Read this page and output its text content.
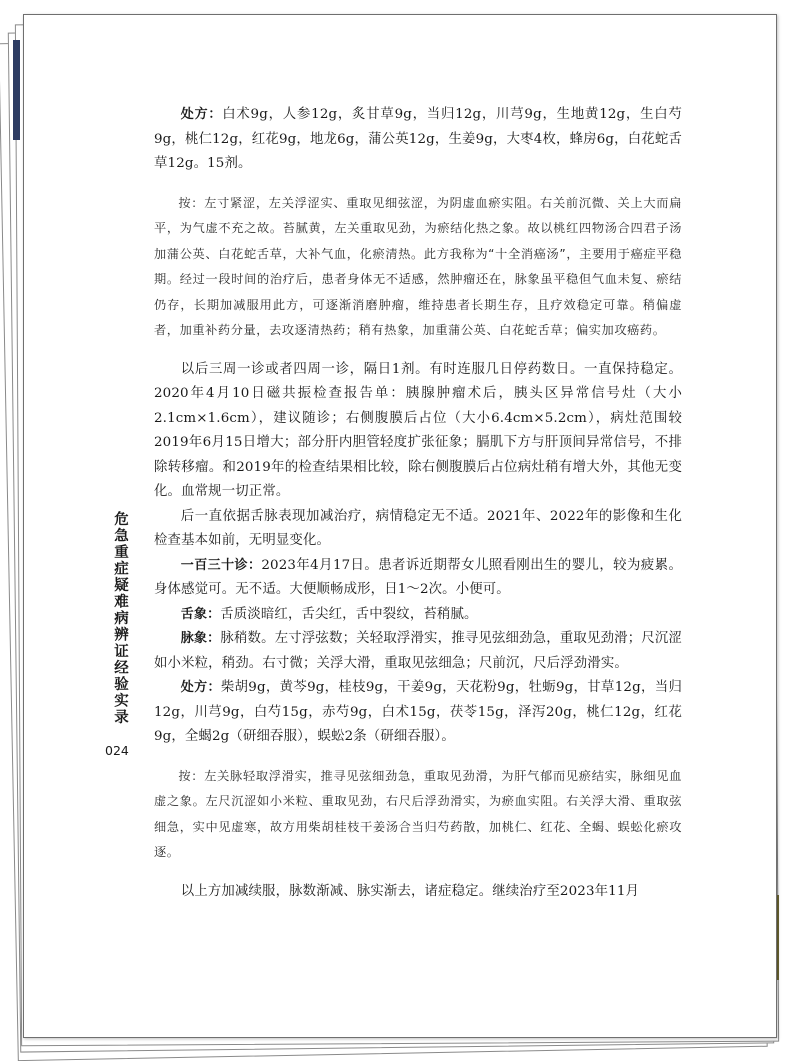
危急重症疑难病辨证经验实录
024

处方：白术9g，人参12g，炙甘草9g，当归12g，川芎9g，生地黄12g，生白芍9g，桃仁12g，红花9g，地龙6g，蒲公英12g，生姜9g，大枣4枚，蜂房6g，白花蛇舌草12g。15剂。

按：左寸紧涩，左关浮涩实、重取见细弦涩，为阴虚血瘀实阻。右关前沉微、关上大而扁平，为气虚不充之故。苔腻黄，左关重取见劲，为瘀结化热之象。故以桃红四物汤合四君子汤加蒲公英、白花蛇舌草，大补气血，化瘀清热。此方我称为“十全消癌汤”，主要用于癌症平稳期。经过一段时间的治疗后，患者身体无不适感，然肿瘤还在，脉象虽平稳但气血未复、瘀结仍存，长期加减服用此方，可逐渐消磨肿瘤，维持患者长期生存，且疗效稳定可靠。稍偏虚者，加重补药分量，去攻逐清热药；稍有热象，加重蒲公英、白花蛇舌草；偏实加攻癌药。

以后三周一诊或者四周一诊，隔日1剂。有时连服几日停药数日。一直保持稳定。2020年4月10日磁共振检查报告单：胰腺肿瘤术后，胰头区异常信号灶（大小2.1cm×1.6cm），建议随诊；右侧腹膜后占位（大小6.4cm×5.2cm），病灶范围较2019年6月15日增大；部分肝内胆管轻度扩张征象；膈肌下方与肝顶间异常信号，不排除转移瘤。和2019年的检查结果相比较，除右侧腹膜后占位病灶稍有增大外，其他无变化。血常规一切正常。

后一直依据舌脉表现加减治疗，病情稳定无不适。2021年、2022年的影像和生化检查基本如前，无明显变化。

一百三十诊：2023年4月17日。患者诉近期帮女儿照看刚出生的婴儿，较为疲累。身体感觉可。无不适。大便顺畅成形，日1～2次。小便可。

舌象：舌质淡暗红，舌尖红，舌中裂纹，苔稍腻。

脉象：脉稍数。左寸浮弦数；关轻取浮滑实，推寻见弦细劲急，重取见劲滑；尺沉涩如小米粒，稍劲。右寸微；关浮大滑，重取见弦细急；尺前沉，尺后浮劲滑实。

处方：柴胡9g，黄芩9g，桂枝9g，干姜9g，天花粉9g，牡蛎9g，甘草12g，当归12g，川芎9g，白芍15g，赤芍9g，白术15g，茯苓15g，泽泻20g，桃仁12g，红花9g，全蝎2g（研细吞服），蜈蚣2条（研细吞服）。

按：左关脉轻取浮滑实，推寻见弦细劲急，重取见劲滑，为肝气郁而见瘀结实，脉细见血虚之象。左尺沉涩如小米粒、重取见劲，右尺后浮劲滑实，为瘀血实阻。右关浮大滑、重取弦细急，实中见虚寒，故方用柴胡桂枝干姜汤合当归芍药散，加桃仁、红花、全蝎、蜈蚣化瘀攻逐。

以上方加减续服，脉数渐减、脉实渐去，诸症稳定。继续治疗至2023年11月
